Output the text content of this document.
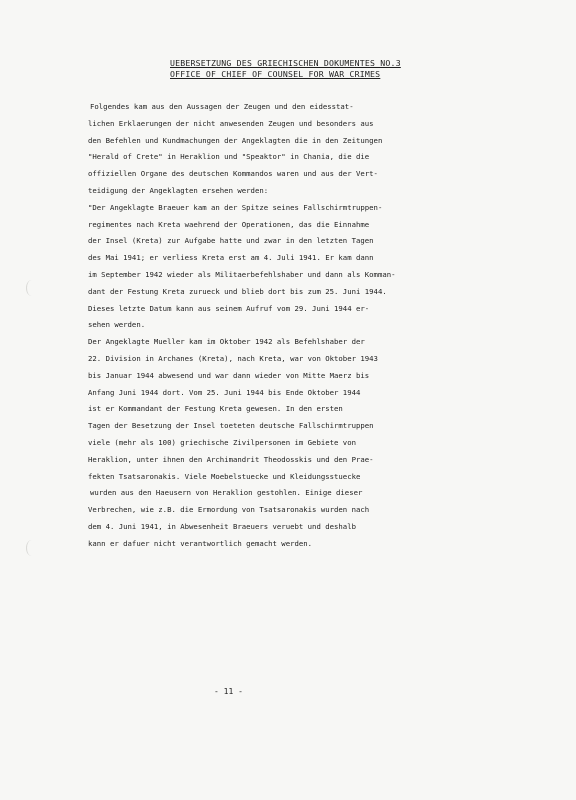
UEBERSETZUNG DES GRIECHISCHEN DOKUMENTES NO.3
OFFICE OF CHIEF OF COUNSEL FOR WAR CRIMES
Folgendes kam aus den Aussagen der Zeugen und den eidesstat-
lichen Erklaerungen der nicht anwesenden Zeugen und besonders aus
den Befehlen und Kundmachungen der Angeklagten die in den Zeitungen
"Herald of Crete" in Heraklion und "Speaktor" in Chania, die die
offiziellen Organe des deutschen Kommandos waren und aus der Vert-
teidigung der Angeklagten ersehen werden:
"Der Angeklagte Braeuer kam an der Spitze seines Fallschirmtruppen-
regimentes nach Kreta waehrend der Operationen, das die Einnahme
der Insel (Kreta) zur Aufgabe hatte und zwar in den letzten Tagen
des Mai 1941; er verliess Kreta erst am 4. Juli 1941. Er kam dann
im September 1942 wieder als Militaerbefehlshaber und dann als Komman-
dant der Festung Kreta zurueck und blieb dort bis zum 25. Juni 1944.
Dieses letzte Datum kann aus seinem Aufruf vom 29. Juni 1944 er-
sehen werden.
Der Angeklagte Mueller kam im Oktober 1942 als Befehlshaber der
22. Division in Archanes (Kreta), nach Kreta, war von Oktober 1943
bis Januar 1944 abwesend und war dann wieder von Mitte Maerz bis
Anfang Juni 1944 dort. Vom 25. Juni 1944 bis Ende Oktober 1944
ist er Kommandant der Festung Kreta gewesen. In den ersten
Tagen der Besetzung der Insel toeteten deutsche Fallschirmtruppen
viele (mehr als 100) griechische Zivilpersonen im Gebiete von
Heraklion, unter ihnen den Archimandrit Theodosskis und den Prae-
fekten Tsatsaronakis. Viele Moebelstuecke und Kleidungsstuecke
wurden aus den Haeusern von Heraklion gestohlen. Einige dieser
Verbrechen, wie z.B. die Ermordung von Tsatsaronakis wurden nach
dem 4. Juni 1941, in Abwesenheit Braeuers veruebt und deshalb
kann er dafuer nicht verantwortlich gemacht werden.
- 11 -
